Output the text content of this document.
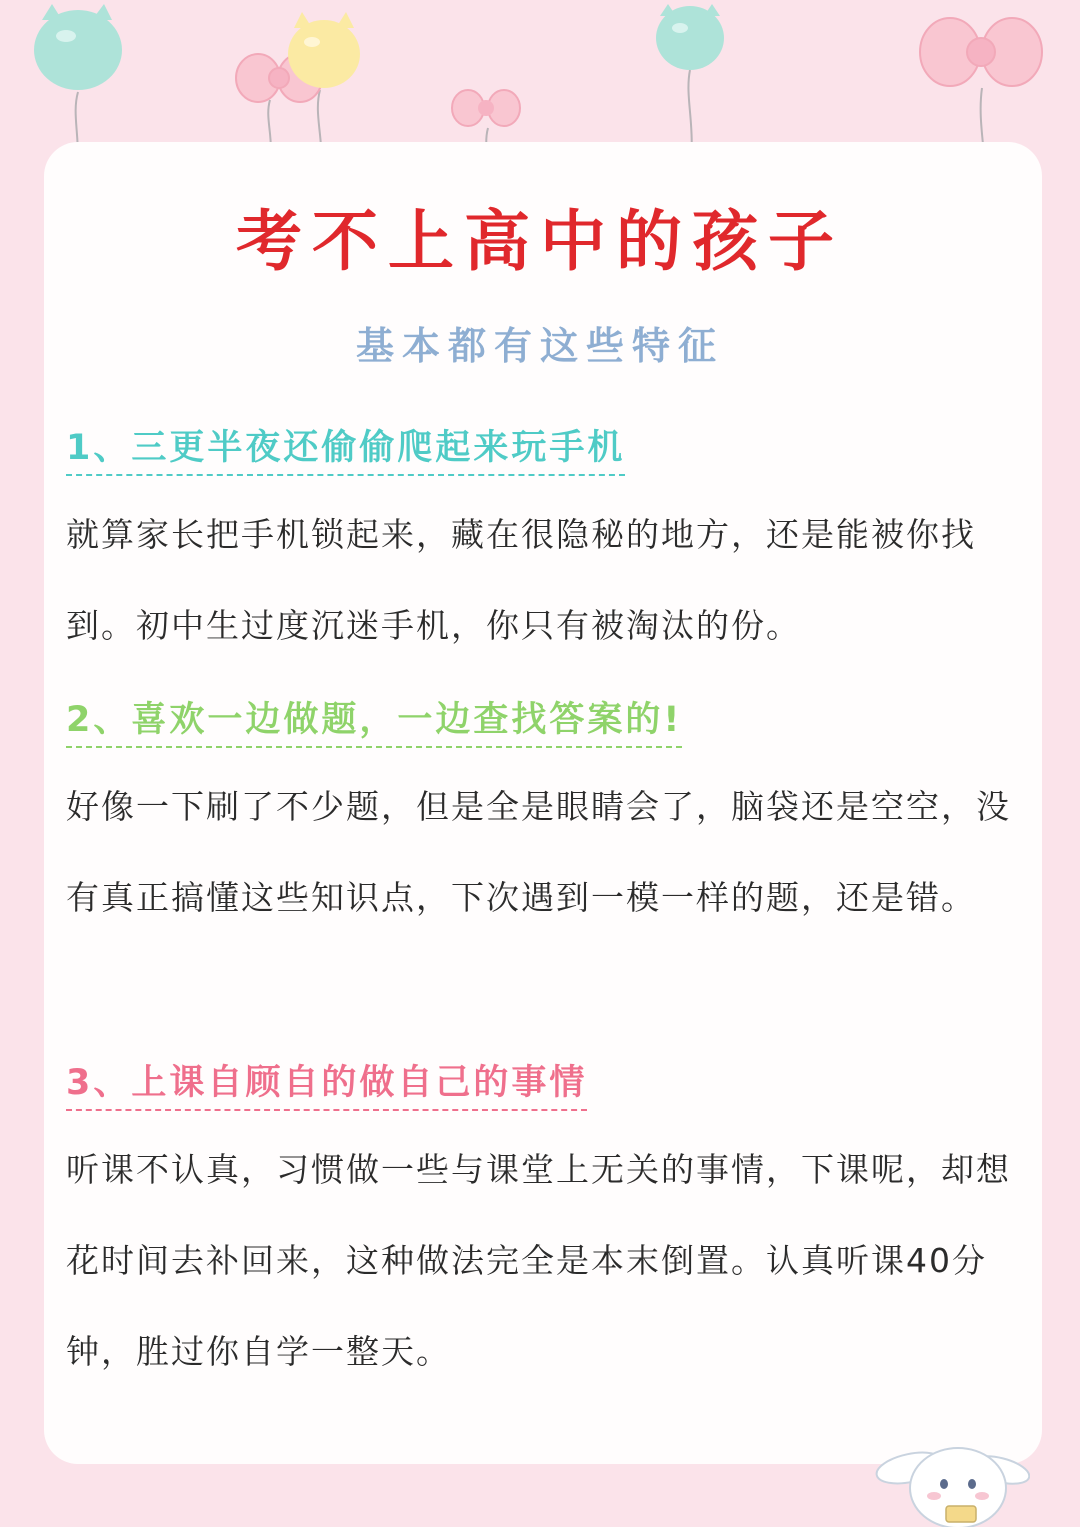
考不上高中的孩子
基本都有这些特征
1、三更半夜还偷偷爬起来玩手机

就算家长把手机锁起来，藏在很隐秘的地方，还是能被你找到。初中生过度沉迷手机，你只有被淘汰的份。

2、喜欢一边做题，一边查找答案的!

好像一下刷了不少题，但是全是眼睛会了，脑袋还是空空，没有真正搞懂这些知识点，下次遇到一模一样的题，还是错。

3、上课自顾自的做自己的事情

听课不认真，习惯做一些与课堂上无关的事情，下课呢，却想花时间去补回来，这种做法完全是本末倒置。认真听课40分钟，胜过你自学一整天。
